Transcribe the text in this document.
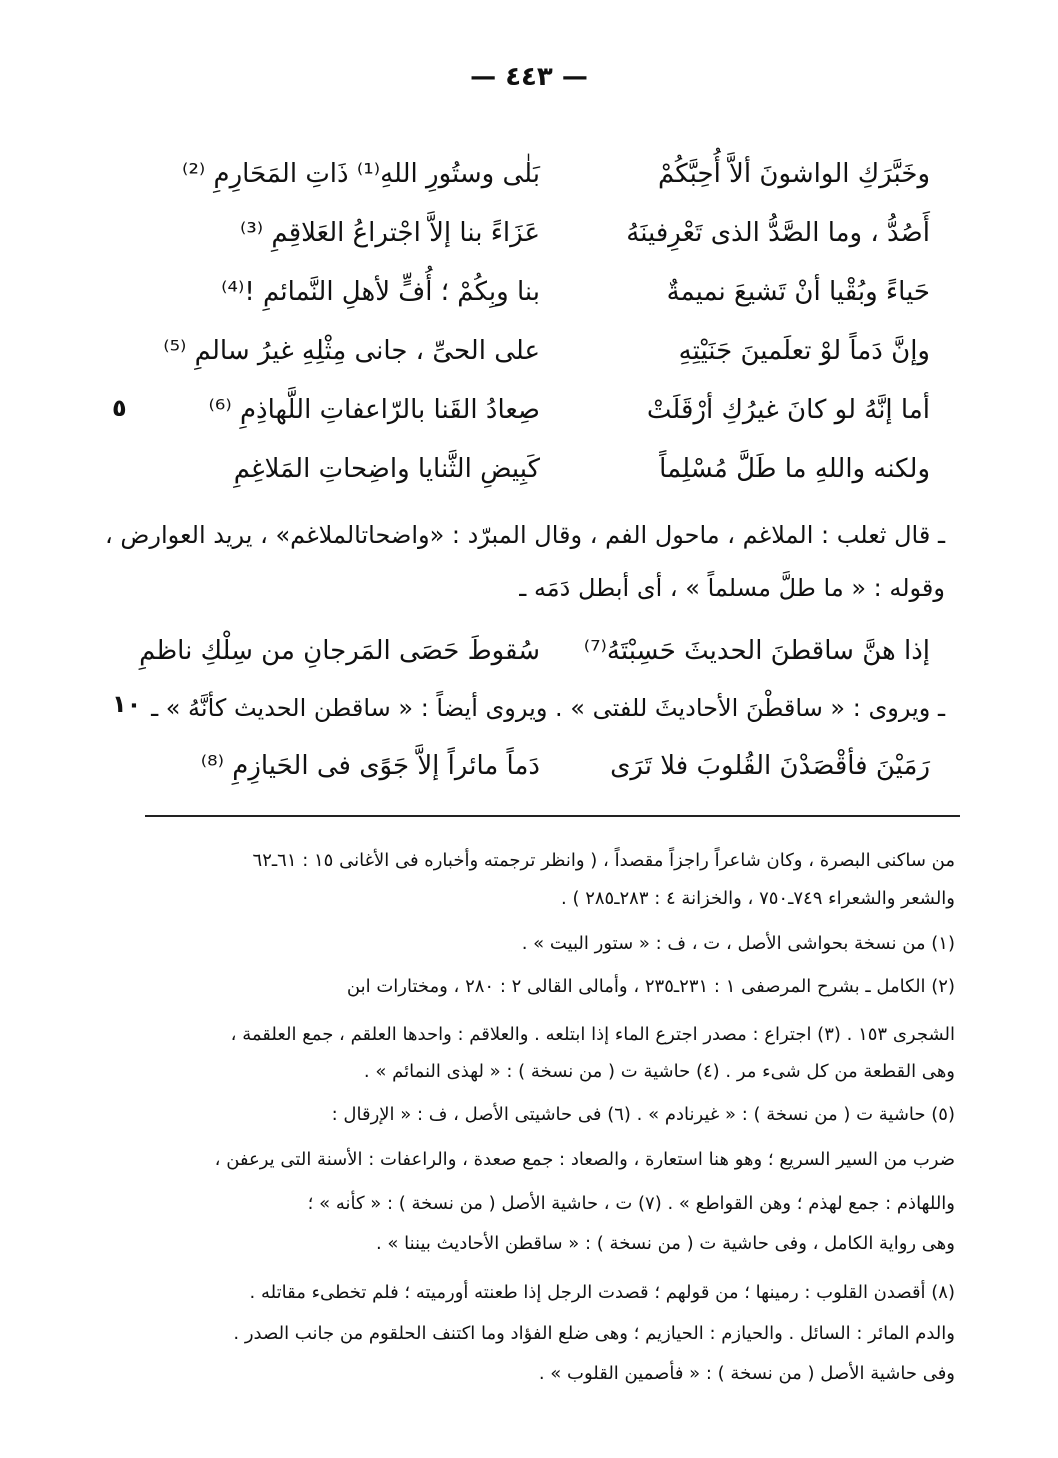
— ٤٤٣ —
وخَبَّرَكِ الواشونَ ألاَّ أُحِبَّكُمْ
بَلٰى وستُورِ اللهِ⁽¹⁾ ذَاتِ المَحَارِمِ ⁽²⁾
أَصُدُّ ، وما الصَّدُّ الذى تَعْرِفينَهُ
عَزَاءً بنا إلاَّ اجْتراعُ العَلاقِمِ ⁽³⁾
حَياءً وبُقْيا أنْ تَشيعَ نميمةٌ
بنا وبِكُمْ ؛ أُفٍّ لأهلِ النَّمائمِ !⁽⁴⁾
وإنَّ دَماً لوْ تعلَمينَ جَنَيْتِهِ
على الحىِّ ، جانى مِثْلِهِ غيرُ سالمِ ⁽⁵⁾
أما إنَّهُ لو كانَ غيرُكِ أرْقَلَتْ
صِعادُ القَنا بالرّاعفاتِ اللَّهاذِمِ ⁽⁶⁾
٥
ولكنه واللهِ ما طَلَّ مُسْلِماً
كَبِيضِ الثَّنايا واضِحاتِ المَلاغِمِ
ـ قال ثعلب : الملاغم ، ماحول الفم ، وقال المبرّد : «واضحاتالملاغم» ، يريد العوارض ،
وقوله : « ما طلَّ مسلماً » ، أى أبطل دَمَه ـ
إذا هنَّ ساقطنَ الحديثَ حَسِبْتَهُ⁽⁷⁾
سُقوطَ حَصَى المَرجانِ من سِلْكِ ناظمِ
ـ ويروى : « ساقطْنَ الأحاديثَ للفتى » . ويروى أيضاً : « ساقطن الحديث كأنَّهُ » ـ
١٠
رَمَيْنَ فأقْصَدْنَ القُلوبَ فلا تَرَى
دَماً مائراً إلاَّ جَوًى فى الحَيازِمِ ⁽⁸⁾
من ساكنى البصرة ، وكان شاعراً راجزاً مقصداً ، ( وانظر ترجمته وأخباره فى الأغانى ١٥ : ٦١ـ٦٢
والشعر والشعراء ٧٤٩ـ٧٥٠ ، والخزانة ٤ : ٢٨٣ـ٢٨٥ ) .
(١) من نسخة بحواشى الأصل ، ت ، ف : « ستور البيت » .
(٢) الكامل ـ بشرح المرصفى ١ : ٢٣١ـ٢٣٥ ، وأمالى القالى ٢ : ٢٨٠ ، ومختارات ابن
الشجرى ١٥٣ . (٣) اجتراع : مصدر اجترع الماء إذا ابتلعه . والعلاقم : واحدها العلقم ، جمع العلقمة ،
وهى القطعة من كل شىء مر . (٤) حاشية ت ( من نسخة ) : « لهذى النمائم » .
(٥) حاشية ت ( من نسخة ) : « غيرنادم » . (٦) فى حاشيتى الأصل ، ف : « الإرقال :
ضرب من السير السريع ؛ وهو هنا استعارة ، والصعاد : جمع صعدة ، والراعفات : الأسنة التى يرعفن ،
واللهاذم : جمع لهذم ؛ وهن القواطع » . (٧) ت ، حاشية الأصل ( من نسخة ) : « كأنه » ؛
وهى رواية الكامل ، وفى حاشية ت ( من نسخة ) : « ساقطن الأحاديث بيننا » .
(٨) أقصدن القلوب : رمينها ؛ من قولهم ؛ قصدت الرجل إذا طعنته أورميته ؛ فلم تخطىء مقاتله .
والدم المائر : السائل . والحيازم : الحيازيم ؛ وهى ضلع الفؤاد وما اكتنف الحلقوم من جانب الصدر .
وفى حاشية الأصل ( من نسخة ) : « فأصمين القلوب » .
